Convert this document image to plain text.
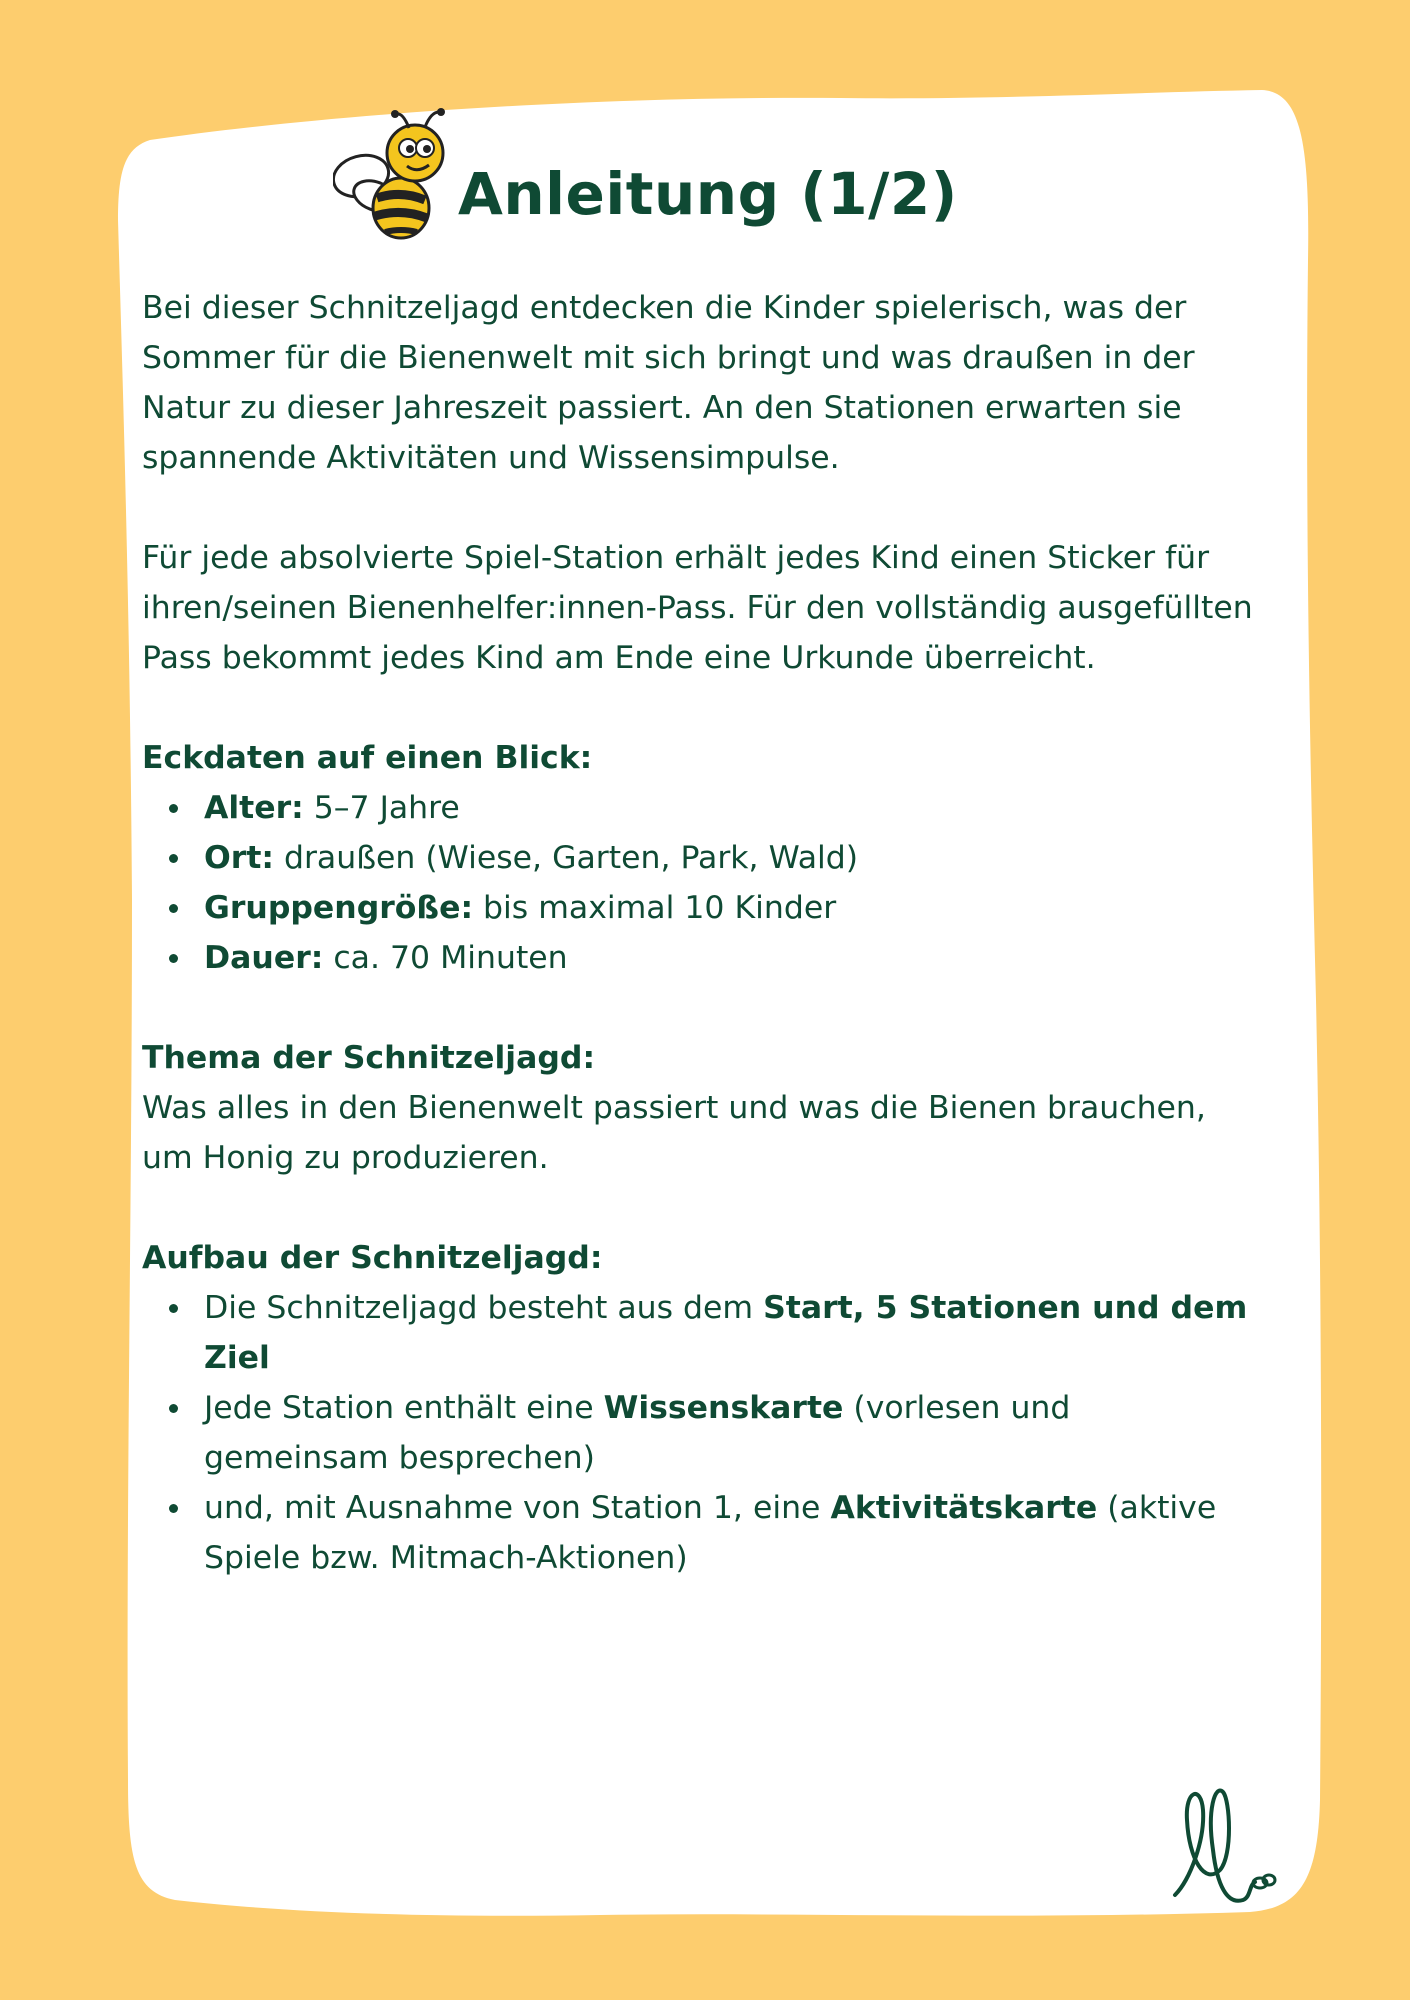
Anleitung (1/2)

Bei dieser Schnitzeljagd entdecken die Kinder spielerisch, was der Sommer für die Bienenwelt mit sich bringt und was draußen in der Natur zu dieser Jahreszeit passiert. An den Stationen erwarten sie spannende Aktivitäten und Wissensimpulse.

Für jede absolvierte Spiel-Station erhält jedes Kind einen Sticker für ihren/seinen Bienenhelfer:innen-Pass. Für den vollständig ausgefüllten Pass bekommt jedes Kind am Ende eine Urkunde überreicht.

Eckdaten auf einen Blick:

Alter: 5–7 Jahre
Ort: draußen (Wiese, Garten, Park, Wald)
Gruppengröße: bis maximal 10 Kinder
Dauer: ca. 70 Minuten

Thema der Schnitzeljagd:

Was alles in den Bienenwelt passiert und was die Bienen brauchen, um Honig zu produzieren.

Aufbau der Schnitzeljagd:

Die Schnitzeljagd besteht aus dem Start, 5 Stationen und dem Ziel
Jede Station enthält eine Wissenskarte (vorlesen und gemeinsam besprechen)
und, mit Ausnahme von Station 1, eine Aktivitätskarte (aktive Spiele bzw. Mitmach-Aktionen)
